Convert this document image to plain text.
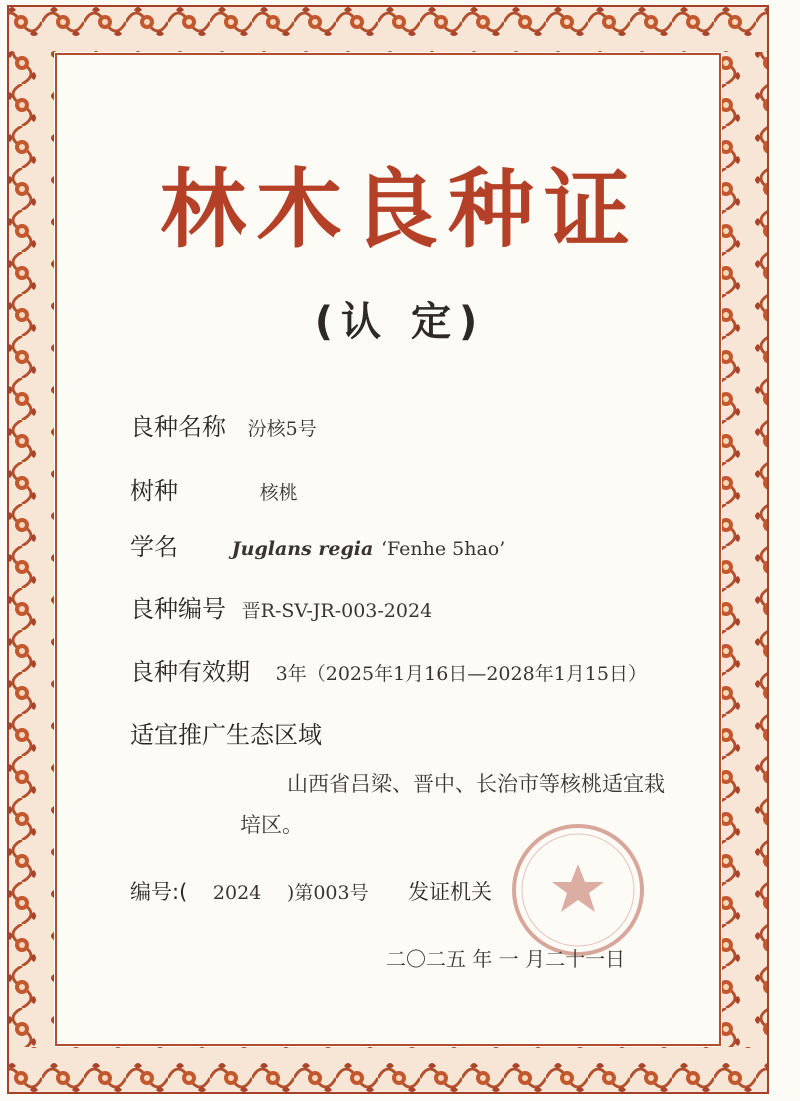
林木良种证
(认 定)
良种名称 汾核5号
树种	核桃
学名	Juglans regia ‘Fenhe 5hao’
良种编号 晋R-SV-JR-003-2024
良种有效期 3年（2025年1月16日—2028年1月15日）
适宜推广生态区域
山西省吕梁、晋中、长治市等核桃适宜栽
培区。
编号:( 2024 )第003号 发证机关
二〇二五 年 一 月二十一日
